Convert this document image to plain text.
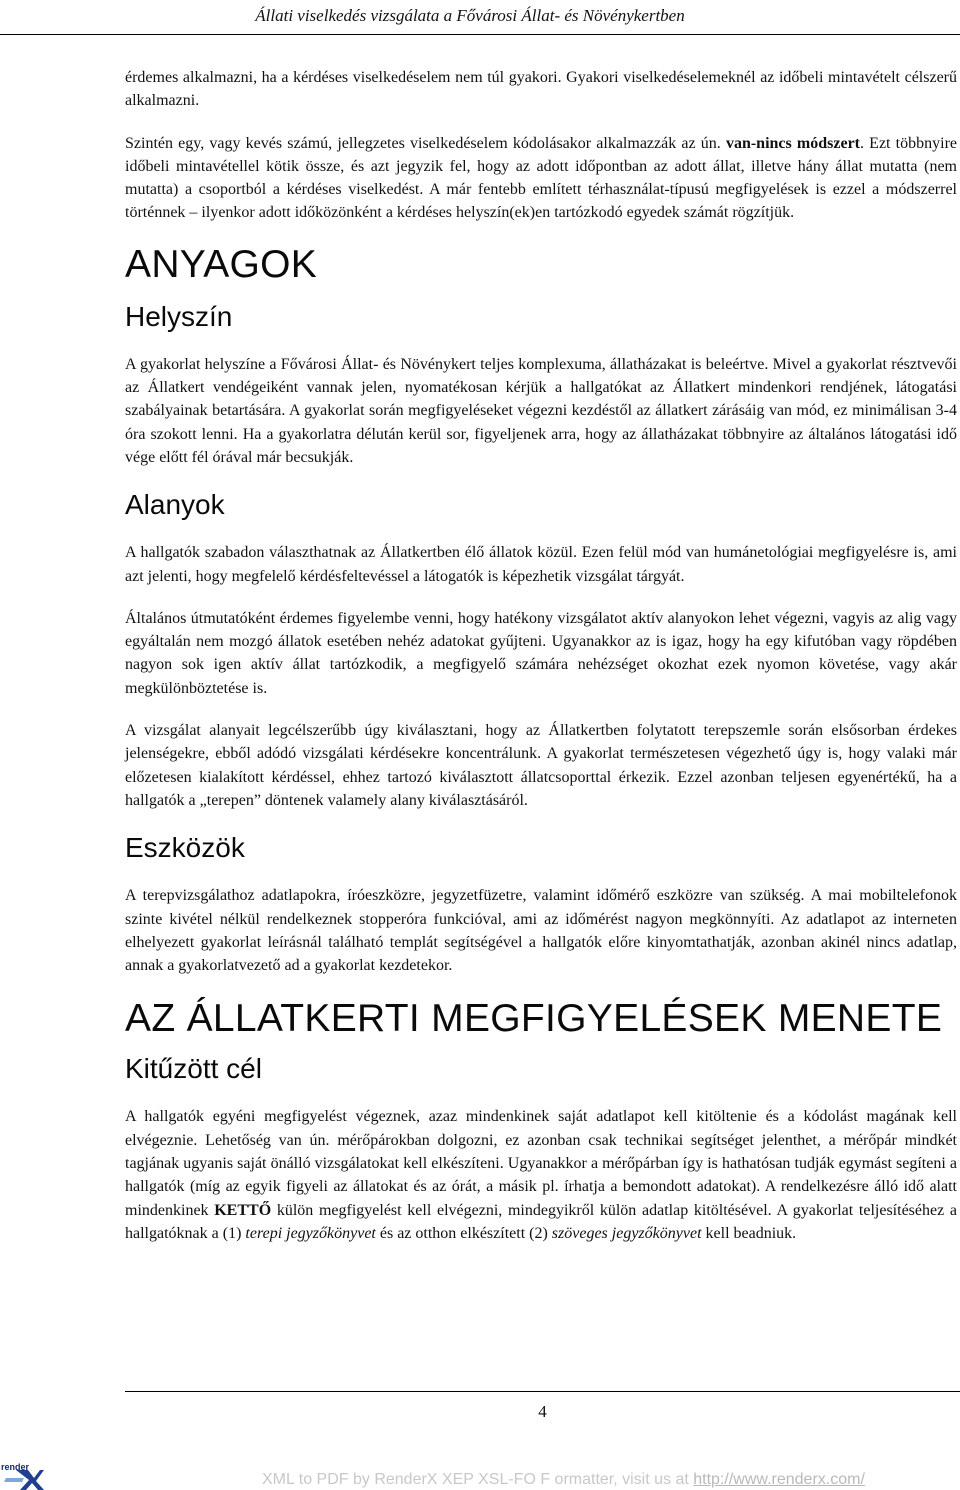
Állati viselkedés vizsgálata a Fővárosi Állat- és Növénykertben

érdemes alkalmazni, ha a kérdéses viselkedéselem nem túl gyakori. Gyakori viselkedéselemeknél az időbeli mintavételt célszerű alkalmazni.

Szintén egy, vagy kevés számú, jellegzetes viselkedéselem kódolásakor alkalmazzák az ún. van-nincs módszert. Ezt többnyire időbeli mintavétellel kötik össze, és azt jegyzik fel, hogy az adott időpontban az adott állat, illetve hány állat mutatta (nem mutatta) a csoportból a kérdéses viselkedést. A már fentebb említett térhasználat-típusú megfigyelések is ezzel a módszerrel történnek – ilyenkor adott időközönként a kérdéses helyszín(ek)en tartózkodó egyedek számát rögzítjük.

ANYAGOK
Helyszín

A gyakorlat helyszíne a Fővárosi Állat- és Növénykert teljes komplexuma, állatházakat is beleértve. Mivel a gyakorlat résztvevői az Állatkert vendégeiként vannak jelen, nyomatékosan kérjük a hallgatókat az Állatkert mindenkori rendjének, látogatási szabályainak betartására. A gyakorlat során megfigyeléseket végezni kezdéstől az állatkert zárásáig van mód, ez minimálisan 3-4 óra szokott lenni. Ha a gyakorlatra délután kerül sor, figyeljenek arra, hogy az állatházakat többnyire az általános látogatási idő vége előtt fél órával már becsukják.

Alanyok

A hallgatók szabadon választhatnak az Állatkertben élő állatok közül. Ezen felül mód van humánetológiai megfigyelésre is, ami azt jelenti, hogy megfelelő kérdésfeltevéssel a látogatók is képezhetik vizsgálat tárgyát.

Általános útmutatóként érdemes figyelembe venni, hogy hatékony vizsgálatot aktív alanyokon lehet végezni, vagyis az alig vagy egyáltalán nem mozgó állatok esetében nehéz adatokat gyűjteni. Ugyanakkor az is igaz, hogy ha egy kifutóban vagy röpdében nagyon sok igen aktív állat tartózkodik, a megfigyelő számára nehézséget okozhat ezek nyomon követése, vagy akár megkülönböztetése is.

A vizsgálat alanyait legcélszerűbb úgy kiválasztani, hogy az Állatkertben folytatott terepszemle során elsősorban érdekes jelenségekre, ebből adódó vizsgálati kérdésekre koncentrálunk. A gyakorlat természetesen végezhető úgy is, hogy valaki már előzetesen kialakított kérdéssel, ehhez tartozó kiválasztott állatcsoporttal érkezik. Ezzel azonban teljesen egyenértékű, ha a hallgatók a „terepen” döntenek valamely alany kiválasztásáról.

Eszközök

A terepvizsgálathoz adatlapokra, íróeszközre, jegyzetfüzetre, valamint időmérő eszközre van szükség. A mai mobiltelefonok szinte kivétel nélkül rendelkeznek stopperóra funkcióval, ami az időmérést nagyon megkönnyíti. Az adatlapot az interneten elhelyezett gyakorlat leírásnál található templát segítségével a hallgatók előre kinyomtathatják, azonban akinél nincs adatlap, annak a gyakorlatvezető ad a gyakorlat kezdetekor.

AZ ÁLLATKERTI MEGFIGYELÉSEK MENETE
Kitűzött cél

A hallgatók egyéni megfigyelést végeznek, azaz mindenkinek saját adatlapot kell kitöltenie és a kódolást magának kell elvégeznie. Lehetőség van ún. mérőpárokban dolgozni, ez azonban csak technikai segítséget jelenthet, a mérőpár mindkét tagjának ugyanis saját önálló vizsgálatokat kell elkészíteni. Ugyanakkor a mérőpárban így is hathatósan tudják egymást segíteni a hallgatók (míg az egyik figyeli az állatokat és az órát, a másik pl. írhatja a bemondott adatokat). A rendelkezésre álló idő alatt mindenkinek KETTŐ külön megfigyelést kell elvégezni, mindegyikről külön adatlap kitöltésével. A gyakorlat teljesítéséhez a hallgatóknak a (1) terepi jegyzőkönyvet és az otthon elkészített (2) szöveges jegyzőkönyvet kell beadniuk.

4
render
XML to PDF by RenderX XEP XSL-FO F ormatter, visit us at http://www.renderx.com/
